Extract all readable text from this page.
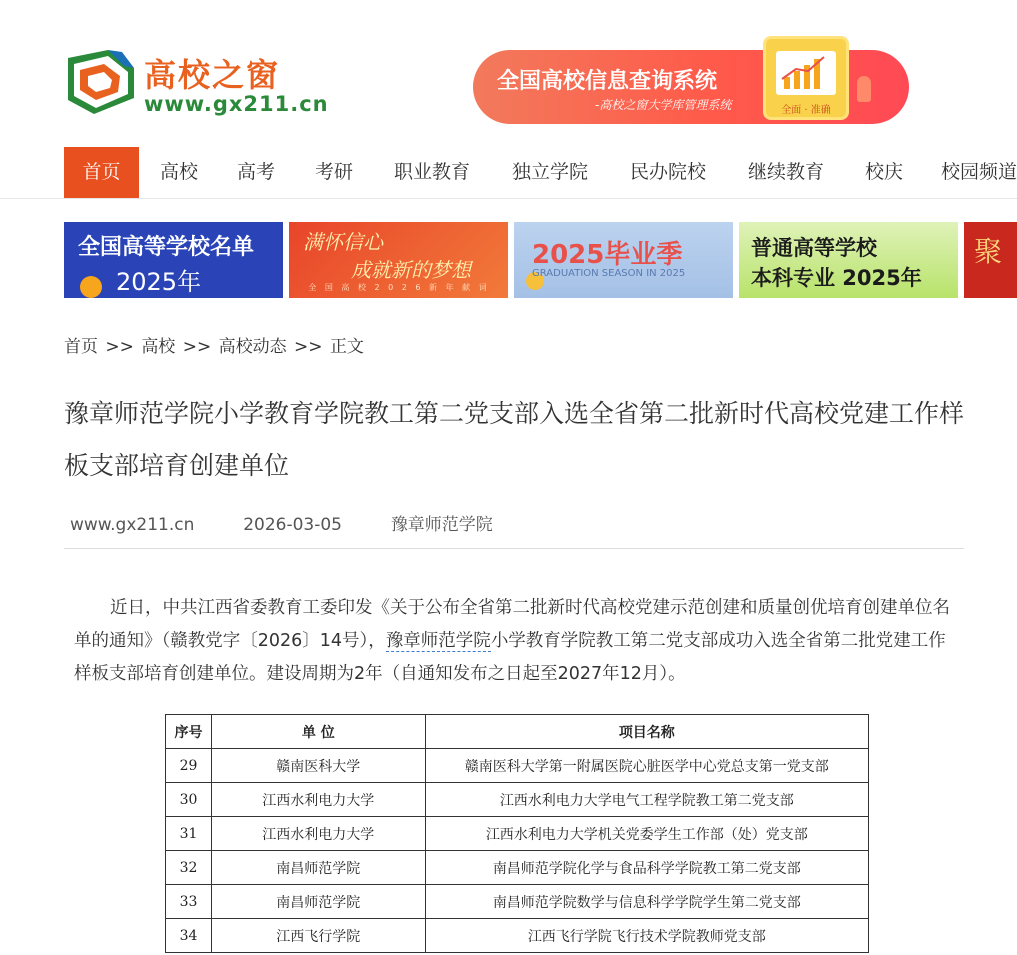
高校之窗
www.gx211.cn
全国高校信息查询系统
-高校之窗大学库管理系统	全面 · 准确
首页	高校	高考	考研	职业教育	独立学院	民办院校	继续教育	校庆	校园频道
全国高等学校名单
2025年
满怀信心
成就新的梦想
全 国 高 校 2 0 2 6 新 年 献 词
2025毕业季
GRADUATION SEASON IN 2025
普通高等学校
本科专业 2025年
聚
首页 >> 高校 >> 高校动态 >> 正文
豫章师范学院小学教育学院教工第二党支部入选全省第二批新时代高校党建工作样板支部培育创建单位
www.gx211.cn	2026-03-05	豫章师范学院
近日，中共江西省委教育工委印发《关于公布全省第二批新时代高校党建示范创建和质量创优培育创建单位名单的通知》（赣教党字〔2026〕14号），豫章师范学院小学教育学院教工第二党支部成功入选全省第二批党建工作样板支部培育创建单位。建设周期为2年（自通知发布之日起至2027年12月）。
序号	单 位	项目名称
29	赣南医科大学	赣南医科大学第一附属医院心脏医学中心党总支第一党支部
30	江西水利电力大学	江西水利电力大学电气工程学院教工第二党支部
31	江西水利电力大学	江西水利电力大学机关党委学生工作部（处）党支部
32	南昌师范学院	南昌师范学院化学与食品科学学院教工第二党支部
33	南昌师范学院	南昌师范学院数学与信息科学学院学生第二党支部
34	江西飞行学院	江西飞行学院飞行技术学院教师党支部
